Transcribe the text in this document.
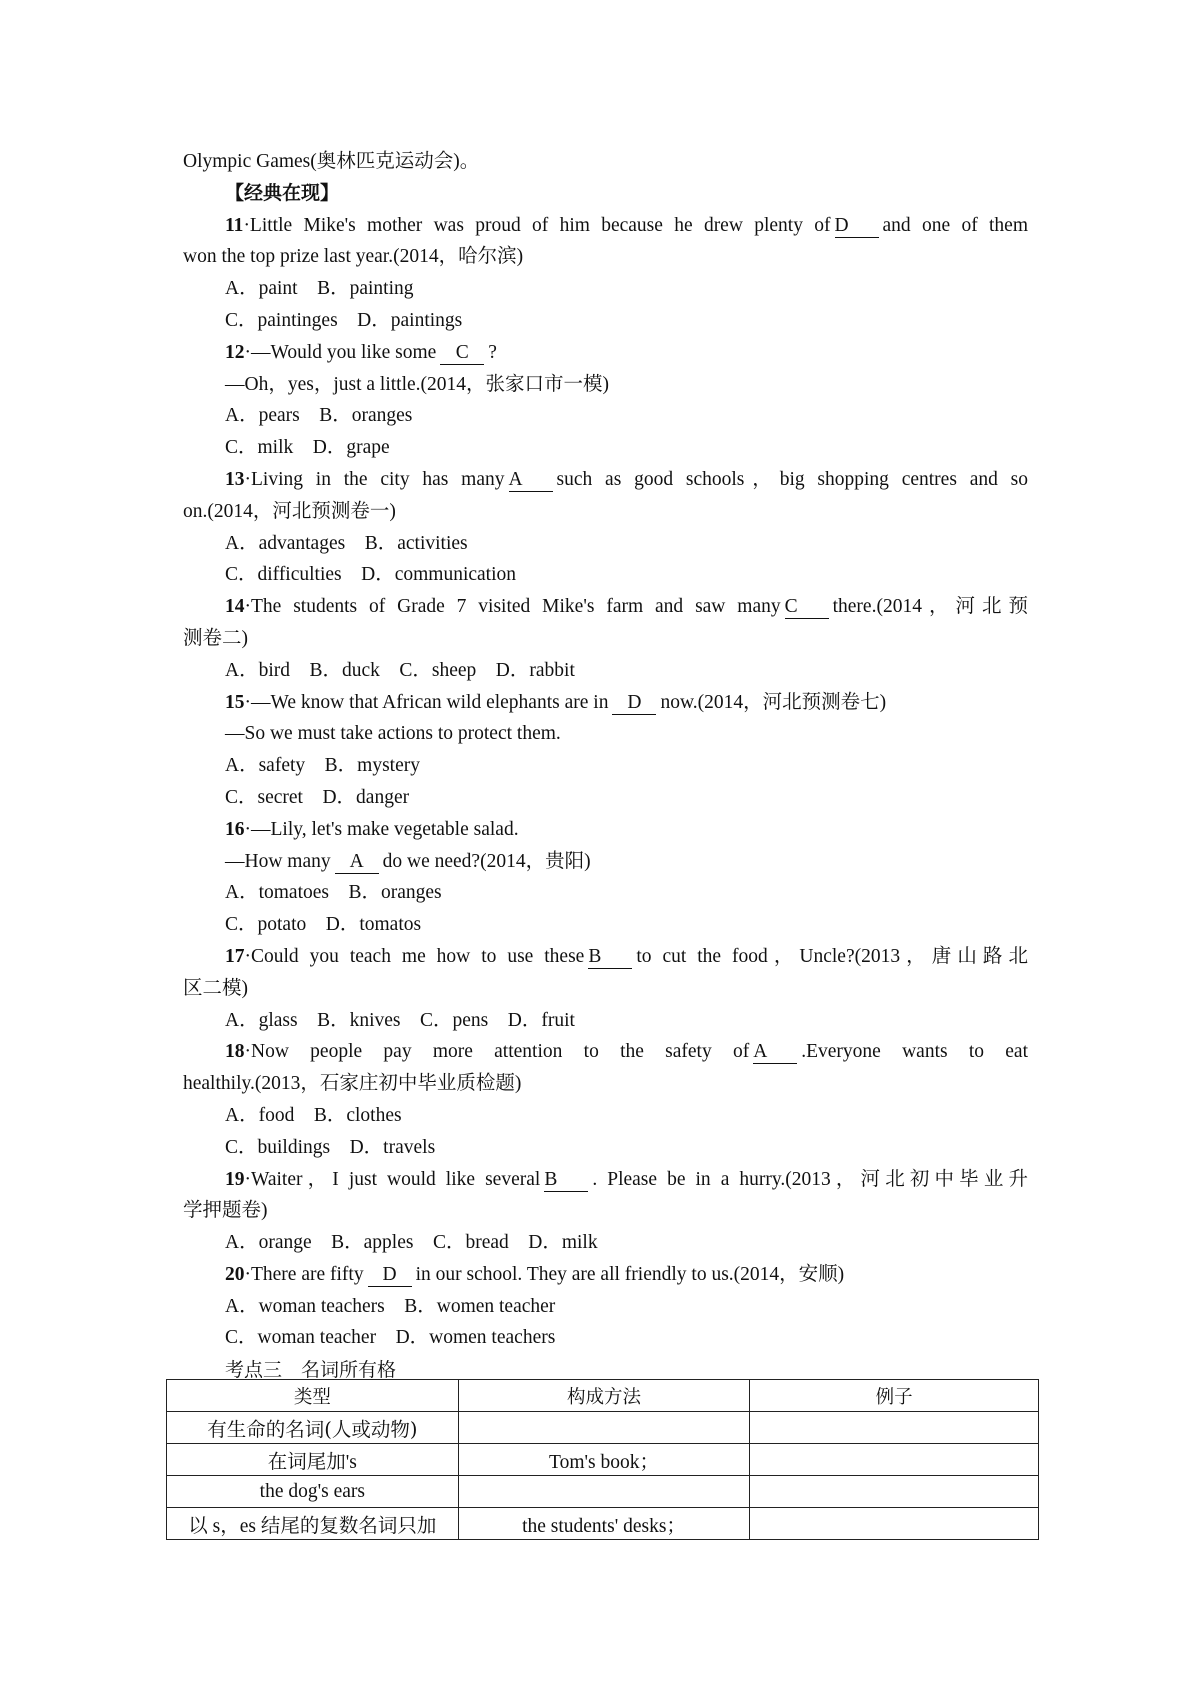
Olympic Games(奥林匹克运动会)。
【经典在现】
11·Little Mike's mother was proud of him because he drew plenty of D and one of them
won the top prize last year.(2014，哈尔滨)
A．paint　B．painting
C．paintinges　D．paintings
12·—Would you like some C ?
—Oh，yes，just a little.(2014，张家口市一模)
A．pears　B．oranges
C．milk　D．grape
13·Living in the city has many A such as good schools，big shopping centres and so
on.(2014，河北预测卷一)
A．advantages　B．activities
C．difficulties　D．communication
14·The students of Grade 7 visited Mike's farm and saw many C there.(2014，河北预
测卷二)
A．bird　B．duck　C．sheep　D．rabbit
15·—We know that African wild elephants are in D now.(2014，河北预测卷七)
—So we must take actions to protect them.
A．safety　B．mystery
C．secret　D．danger
16·—Lily, let's make vegetable salad.
—How many A do we need?(2014，贵阳)
A．tomatoes　B．oranges
C．potato　D．tomatos
17·Could you teach me how to use these B to cut the food，Uncle?(2013，唐山路北
区二模)
A．glass　B．knives　C．pens　D．fruit
18·Now people pay more attention to the safety of A .Everyone wants to eat
healthily.(2013，石家庄初中毕业质检题)
A．food　B．clothes
C．buildings　D．travels
19·Waiter，I just would like several B . Please be in a hurry.(2013，河北初中毕业升
学押题卷)
A．orange　B．apples　C．bread　D．milk
20·There are fifty D in our school. They are all friendly to us.(2014，安顺)
A．woman teachers　B．women teacher
C．woman teacher　D．women teachers
考点三　名词所有格
类型	构成方法	例子
有生命的名词(人或动物)		
在词尾加's	Tom's book；	
the dog's ears		
以 s，es 结尾的复数名词只加	the students' desks；	
